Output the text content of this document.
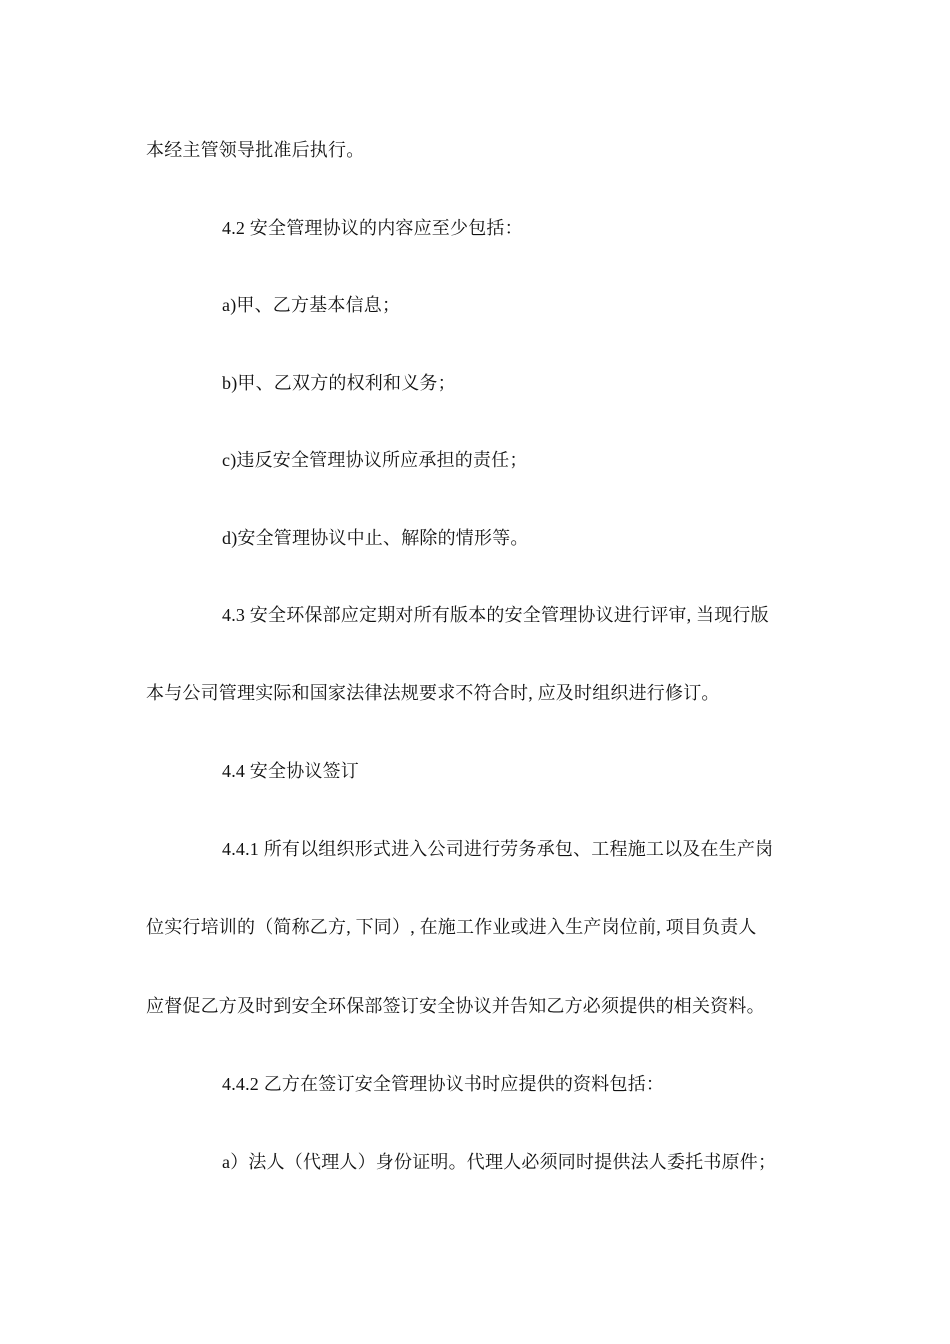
本经主管领导批准后执行。
4.2 安全管理协议的内容应至少包括：
a)甲、乙方基本信息；
b)甲、乙双方的权利和义务；
c)违反安全管理协议所应承担的责任；
d)安全管理协议中止、解除的情形等。
4.3 安全环保部应定期对所有版本的安全管理协议进行评审, 当现行版
本与公司管理实际和国家法律法规要求不符合时, 应及时组织进行修订。
4.4 安全协议签订
4.4.1 所有以组织形式进入公司进行劳务承包、工程施工以及在生产岗
位实行培训的（简称乙方, 下同）, 在施工作业或进入生产岗位前, 项目负责人
应督促乙方及时到安全环保部签订安全协议并告知乙方必须提供的相关资料。
4.4.2 乙方在签订安全管理协议书时应提供的资料包括：
a）法人（代理人）身份证明。代理人必须同时提供法人委托书原件；
